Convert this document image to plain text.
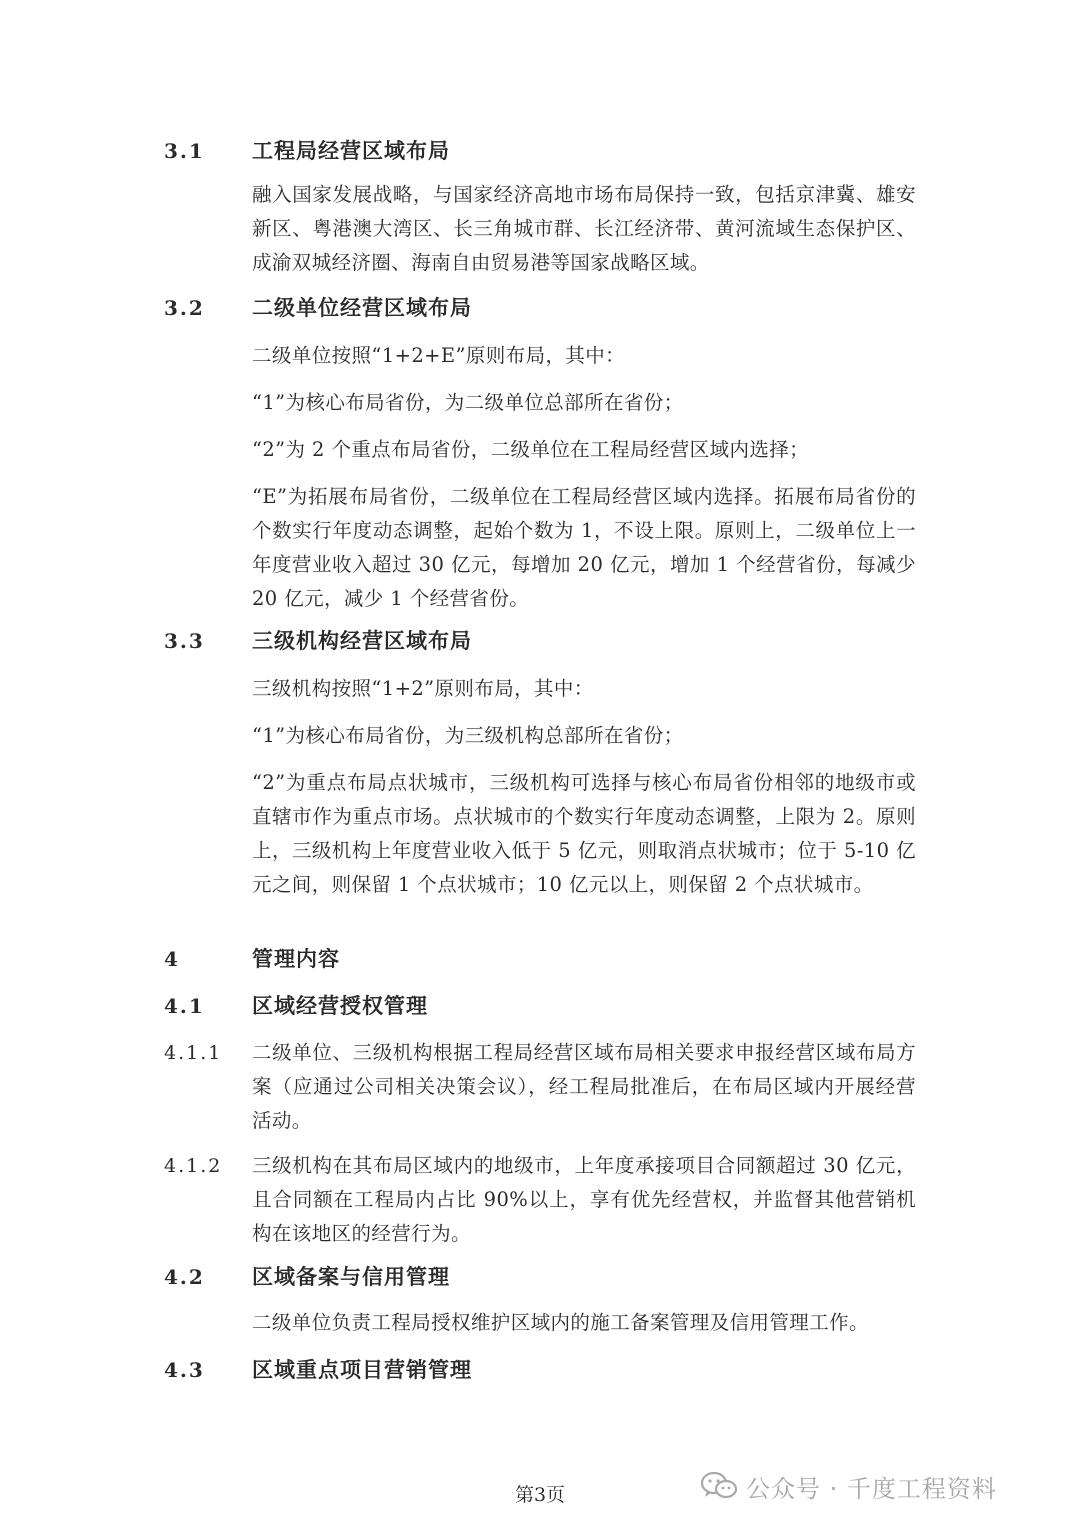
3.1 工程局经营区域布局
融入国家发展战略，与国家经济高地市场布局保持一致，包括京津冀、雄安新区、粤港澳大湾区、长三角城市群、长江经济带、黄河流域生态保护区、成渝双城经济圈、海南自由贸易港等国家战略区域。
3.2 二级单位经营区域布局
二级单位按照“1+2+E”原则布局，其中：
“1”为核心布局省份，为二级单位总部所在省份；
“2”为 2 个重点布局省份，二级单位在工程局经营区域内选择；
“E”为拓展布局省份，二级单位在工程局经营区域内选择。拓展布局省份的个数实行年度动态调整，起始个数为 1，不设上限。原则上，二级单位上一年度营业收入超过 30 亿元，每增加 20 亿元，增加 1 个经营省份，每减少 20 亿元，减少 1 个经营省份。
3.3 三级机构经营区域布局
三级机构按照“1+2”原则布局，其中：
“1”为核心布局省份，为三级机构总部所在省份；
“2”为重点布局点状城市，三级机构可选择与核心布局省份相邻的地级市或直辖市作为重点市场。点状城市的个数实行年度动态调整，上限为 2。原则上，三级机构上年度营业收入低于 5 亿元，则取消点状城市；位于 5-10 亿元之间，则保留 1 个点状城市；10 亿元以上，则保留 2 个点状城市。
4	管理内容
4.1 区域经营授权管理
4.1.1 二级单位、三级机构根据工程局经营区域布局相关要求申报经营区域布局方案（应通过公司相关决策会议），经工程局批准后，在布局区域内开展经营活动。
4.1.2 三级机构在其布局区域内的地级市，上年度承接项目合同额超过 30 亿元，且合同额在工程局内占比 90%以上，享有优先经营权，并监督其他营销机构在该地区的经营行为。
4.2 区域备案与信用管理
二级单位负责工程局授权维护区域内的施工备案管理及信用管理工作。
4.3 区域重点项目营销管理
第3页	公众号 · 千度工程资料
